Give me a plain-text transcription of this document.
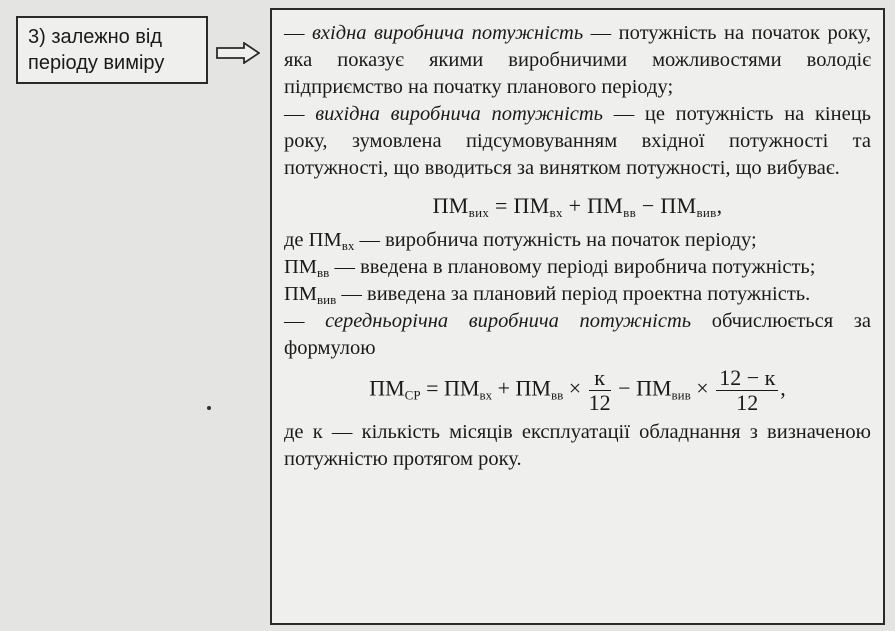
3) залежно від
періоду виміру

— вхідна виробнича потужність — потужність на початок року, яка показує якими виробничими можливостями володіє підприємство на початку планового періоду;

— вихідна виробнича потужність — це потужність на кінець року, зумовлена підсумовуванням вхідної потужності та потужності, що вводиться за винятком потужності, що вибуває.

$ПМ_{вих} = ПМ_{вх} + ПМ_{вв} - ПМ_{вив}$,

де $ПМ_{вх}$ — виробнича потужність на початок періоду;

$ПМ_{вв}$ — введена в плановому періоді виробнича потужність;

$ПМ_{вив}$ — виведена за плановий період проектна потужність.

— середньорічна виробнича потужність обчислюється за формулою

$ПМ_{СР} = ПМ_{вх} + ПМ_{вв} \times \frac{к}{12} - ПМ_{вив} \times \frac{12 - к}{12}$ ,

де к — кількість місяців експлуатації обладнання з визначеною потужністю протягом року.
